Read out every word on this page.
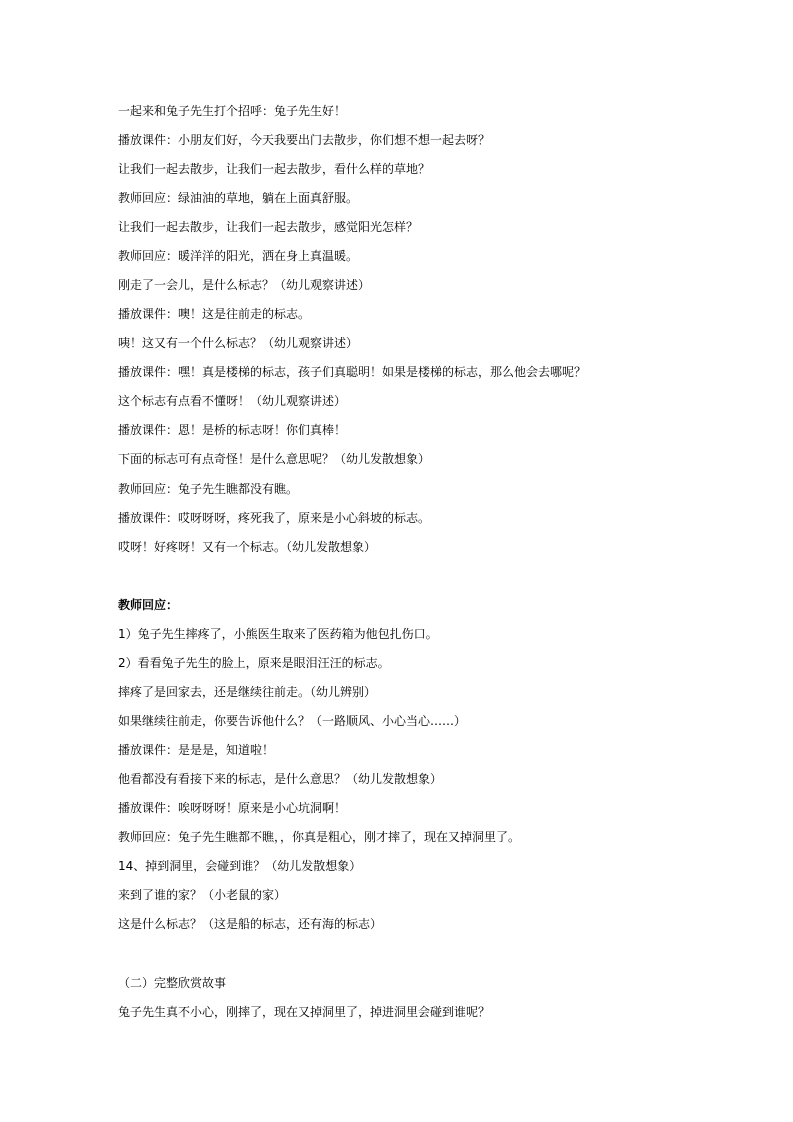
一起来和兔子先生打个招呼：兔子先生好！
播放课件：小朋友们好，今天我要出门去散步，你们想不想一起去呀？
让我们一起去散步，让我们一起去散步，看什么样的草地？
教师回应：绿油油的草地，躺在上面真舒服。
让我们一起去散步，让我们一起去散步，感觉阳光怎样？
教师回应：暖洋洋的阳光，洒在身上真温暖。
刚走了一会儿，是什么标志？（幼儿观察讲述）
播放课件：噢！这是往前走的标志。
咦！这又有一个什么标志？（幼儿观察讲述）
播放课件：嘿！真是楼梯的标志，孩子们真聪明！如果是楼梯的标志，那么他会去哪呢？
这个标志有点看不懂呀！（幼儿观察讲述）
播放课件：恩！是桥的标志呀！你们真棒！
下面的标志可有点奇怪！是什么意思呢？（幼儿发散想象）
教师回应：兔子先生瞧都没有瞧。
播放课件：哎呀呀呀，疼死我了，原来是小心斜坡的标志。
哎呀！好疼呀！又有一个标志。（幼儿发散想象）
教师回应：
1）兔子先生摔疼了，小熊医生取来了医药箱为他包扎伤口。
2）看看兔子先生的脸上，原来是眼泪汪汪的标志。
摔疼了是回家去，还是继续往前走。（幼儿辨别）
如果继续往前走，你要告诉他什么？（一路顺风、小心当心……）
播放课件：是是是，知道啦！
他看都没有看接下来的标志，是什么意思？（幼儿发散想象）
播放课件：唉呀呀呀！原来是小心坑洞啊！
教师回应：兔子先生瞧都不瞧，，你真是粗心，刚才摔了，现在又掉洞里了。
14、掉到洞里，会碰到谁？（幼儿发散想象）
来到了谁的家？（小老鼠的家）
这是什么标志？（这是船的标志，还有海的标志）
（二）完整欣赏故事
兔子先生真不小心，刚摔了，现在又掉洞里了，掉进洞里会碰到谁呢？
